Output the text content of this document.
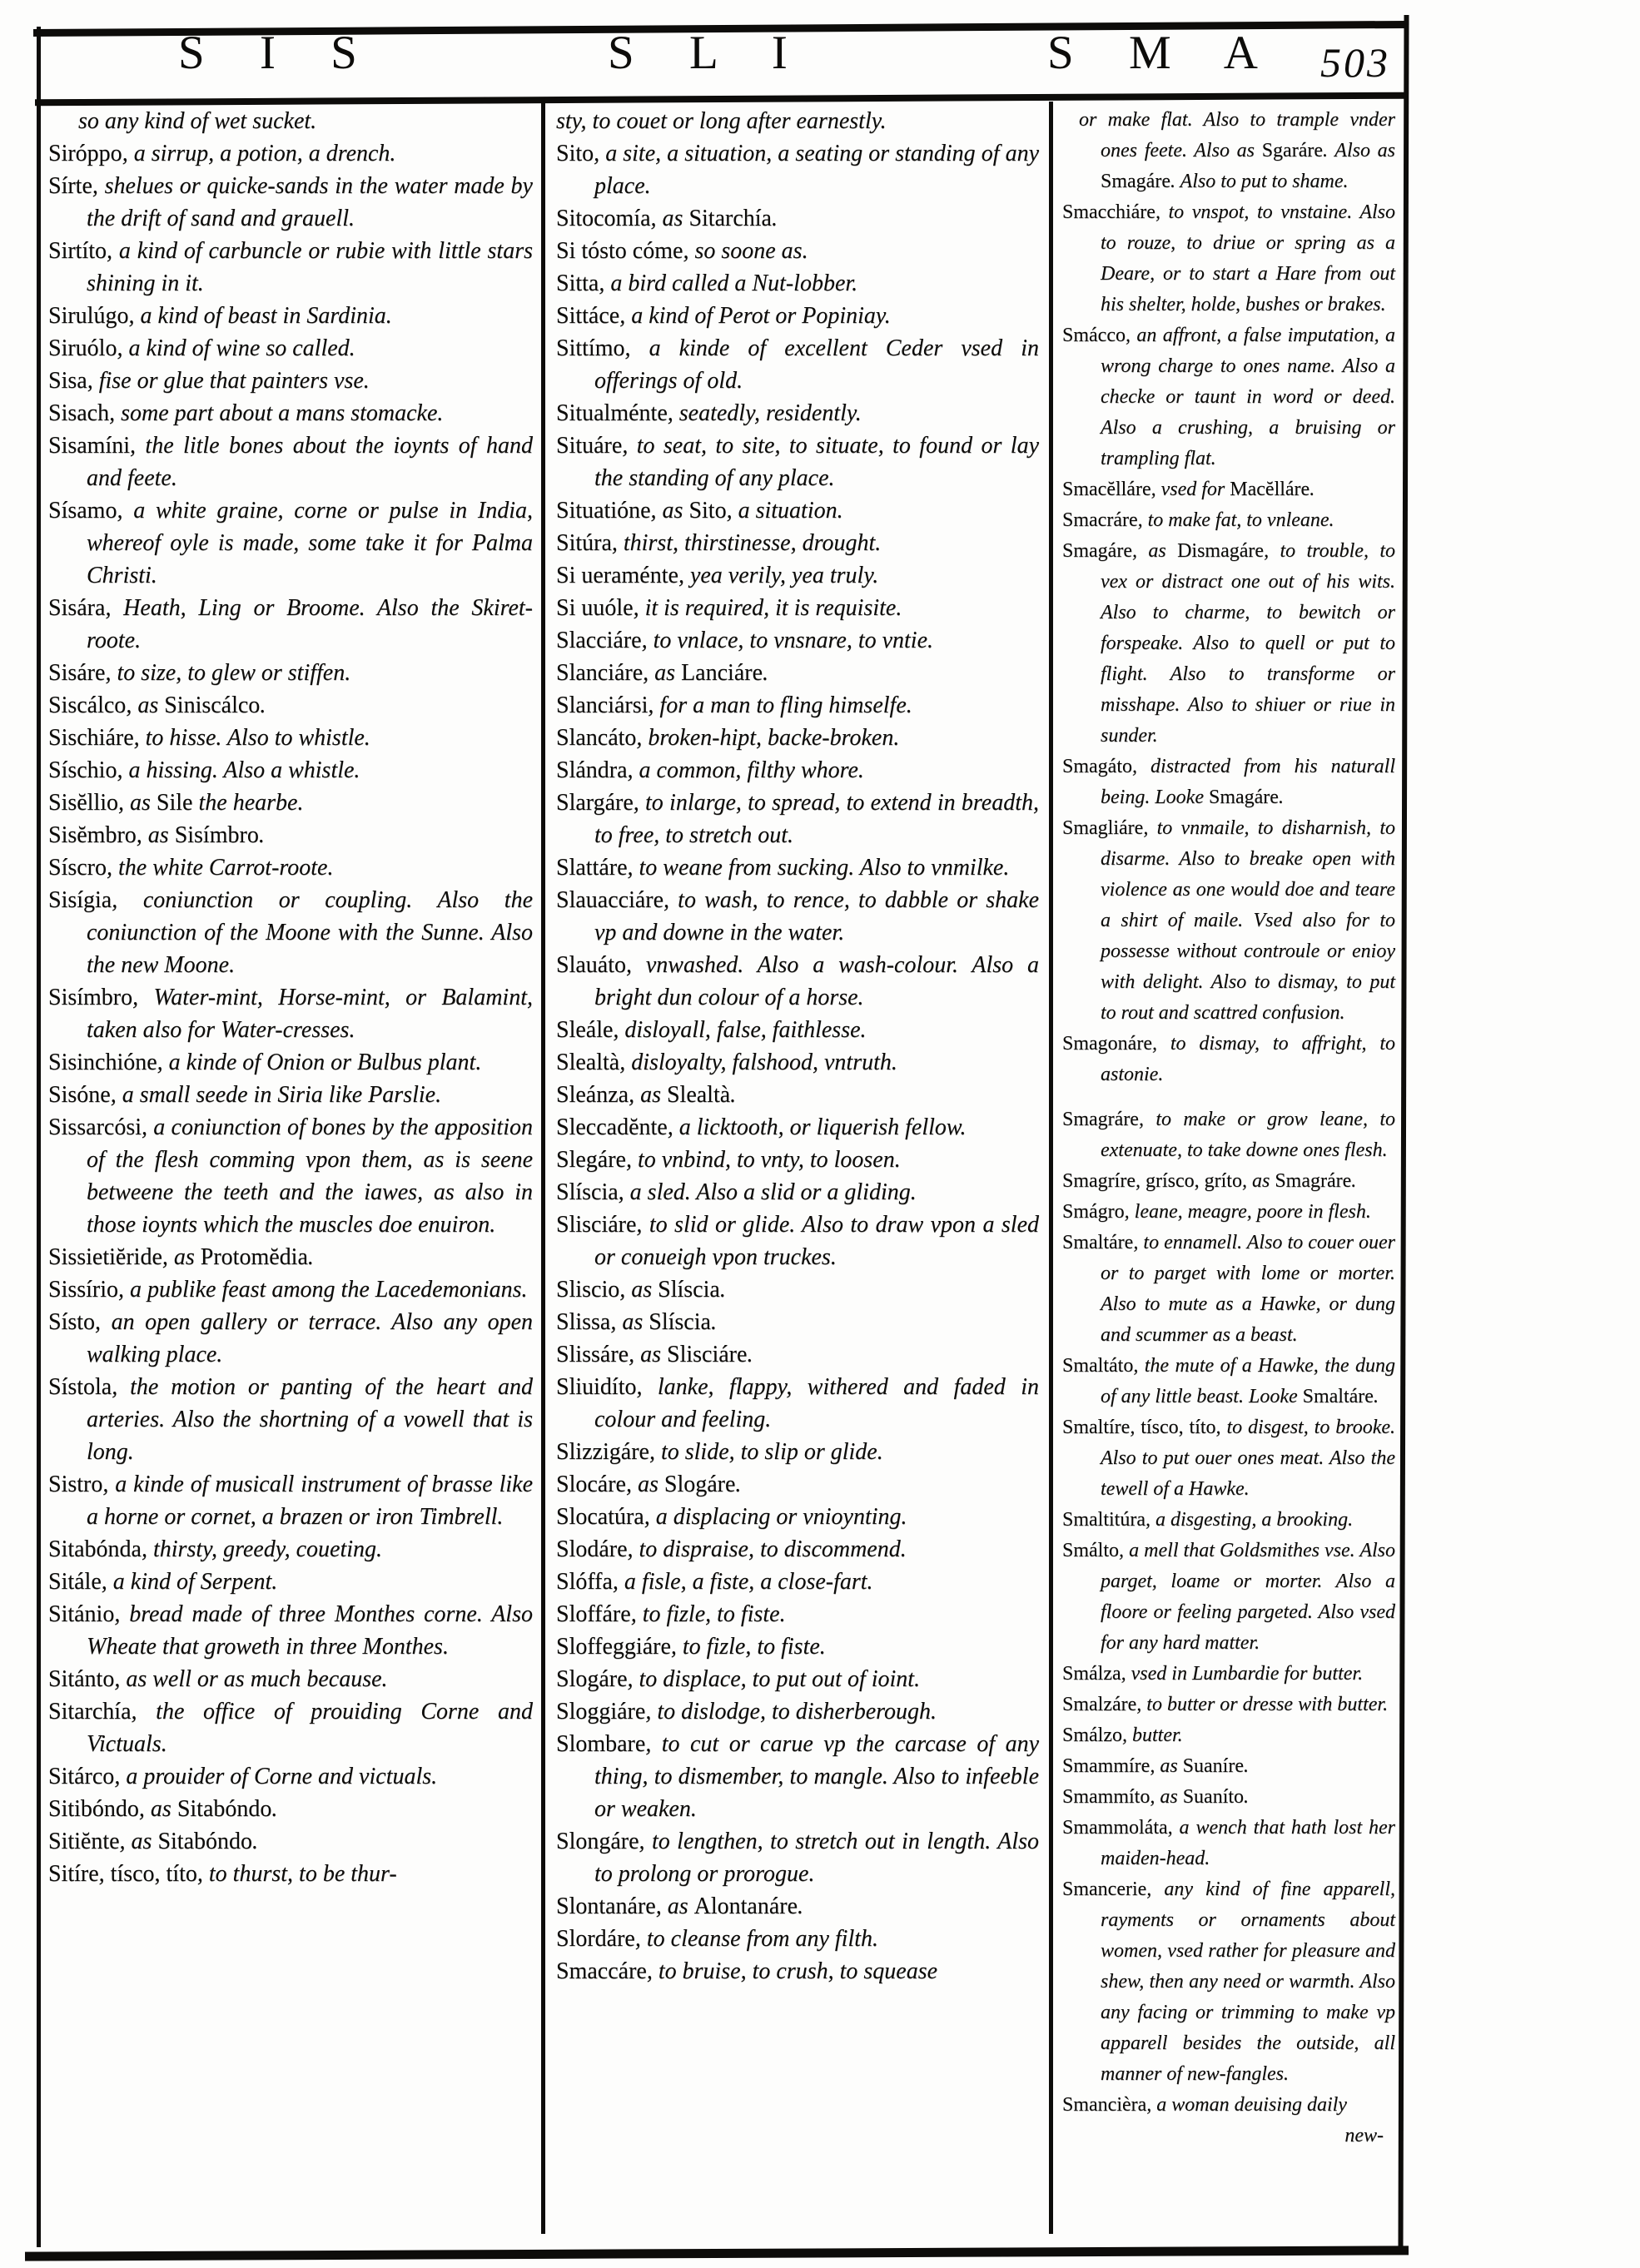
S I S	S L I	S M A 503

so any kind of wet sucket.

Siróppo, a sirrup, a potion, a drench.

Sírte, shelues or quicke-sands in the water made by the drift of sand and grauell.

Sirtíto, a kind of carbuncle or rubie with little stars shining in it.

Sirulúgo, a kind of beast in Sardinia.

Siruólo, a kind of wine so called.

Sisa, fise or glue that painters vse.

Sisach, some part about a mans stomacke.

Sisamíni, the litle bones about the ioynts of hand and feete.

Sísamo, a white graine, corne or pulse in India, whereof oyle is made, some take it for Palma Christi.

Sisára, Heath, Ling or Broome. Also the Skiret-roote.

Sisáre, to size, to glew or stiffen.

Siscálco, as Siniscálco.

Sischiáre, to hisse. Also to whistle.

Síschio, a hissing. Also a whistle.

Sisĕllio, as Sile the hearbe.

Sisĕmbro, as Sisímbro.

Síscro, the white Carrot-roote.

Sisígia, coniunction or coupling. Also the coniunction of the Moone with the Sunne. Also the new Moone.

Sisímbro, Water-mint, Horse-mint, or Balamint, taken also for Water-cresses.

Sisinchióne, a kinde of Onion or Bulbus plant.

Sisóne, a small seede in Siria like Parslie.

Sissarcósi, a coniunction of bones by the apposition of the flesh comming vpon them, as is seene betweene the teeth and the iawes, as also in those ioynts which the muscles doe enuiron.

Sissietiĕride, as Protomĕdia.

Sissírio, a publike feast among the Lacedemonians.

Sísto, an open gallery or terrace. Also any open walking place.

Sístola, the motion or panting of the heart and arteries. Also the shortning of a vowell that is long.

Sistro, a kinde of musicall instrument of brasse like a horne or cornet, a brazen or iron Timbrell.

Sitabónda, thirsty, greedy, coueting.

Sitále, a kind of Serpent.

Sitánio, bread made of three Monthes corne. Also Wheate that groweth in three Monthes.

Sitánto, as well or as much because.

Sitarchía, the office of prouiding Corne and Victuals.

Sitárco, a prouider of Corne and victuals.

Sitibóndo, as Sitabóndo.

Sitiĕnte, as Sitabóndo.

Sitíre, tísco, títo, to thurst, to be thur-

sty, to couet or long after earnestly.

Sito, a site, a situation, a seating or standing of any place.

Sitocomía, as Sitarchía.

Si tósto cóme, so soone as.

Sitta, a bird called a Nut-lobber.

Sittáce, a kind of Perot or Popiniay.

Sittímo, a kinde of excellent Ceder vsed in offerings of old.

Situalménte, seatedly, residently.

Situáre, to seat, to site, to situate, to found or lay the standing of any place.

Situatióne, as Sito, a situation.

Sitúra, thirst, thirstinesse, drought.

Si ueraménte, yea verily, yea truly.

Si uuóle, it is required, it is requisite.

Slacciáre, to vnlace, to vnsnare, to vntie.

Slanciáre, as Lanciáre.

Slanciársi, for a man to fling himselfe.

Slancáto, broken-hipt, backe-broken.

Slándra, a common, filthy whore.

Slargáre, to inlarge, to spread, to extend in breadth, to free, to stretch out.

Slattáre, to weane from sucking. Also to vnmilke.

Slauacciáre, to wash, to rence, to dabble or shake vp and downe in the water.

Slauáto, vnwashed. Also a wash-colour. Also a bright dun colour of a horse.

Sleále, disloyall, false, faithlesse.

Slealtà, disloyalty, falshood, vntruth.

Sleánza, as Slealtà.

Sleccadĕnte, a licktooth, or liquerish fellow.

Slegáre, to vnbind, to vnty, to loosen.

Slíscia, a sled. Also a slid or a gliding.

Slisciáre, to slid or glide. Also to draw vpon a sled or conueigh vpon truckes.

Sliscio, as Slíscia.

Slissa, as Slíscia.

Slissáre, as Slisciáre.

Sliuidíto, lanke, flappy, withered and faded in colour and feeling.

Slizzigáre, to slide, to slip or glide.

Slocáre, as Slogáre.

Slocatúra, a displacing or vnioynting.

Slodáre, to dispraise, to discommend.

Slóffa, a fisle, a fiste, a close-fart.

Sloffáre, to fizle, to fiste.

Sloffeggiáre, to fizle, to fiste.

Slogáre, to displace, to put out of ioint.

Sloggiáre, to dislodge, to disherberough.

Slombare, to cut or carue vp the carcase of any thing, to dismember, to mangle. Also to infeeble or weaken.

Slongáre, to lengthen, to stretch out in length. Also to prolong or prorogue.

Slontanáre, as Alontanáre.

Slordáre, to cleanse from any filth.

Smaccáre, to bruise, to crush, to squease

or make flat. Also to trample vnder ones feete. Also as Sgaráre. Also as Smagáre. Also to put to shame.

Smacchiáre, to vnspot, to vnstaine. Also to rouze, to driue or spring as a Deare, or to start a Hare from out his shelter, holde, bushes or brakes.

Smácco, an affront, a false imputation, a wrong charge to ones name. Also a checke or taunt in word or deed. Also a crushing, a bruising or trampling flat.

Smacĕlláre, vsed for Macĕlláre.

Smacráre, to make fat, to vnleane.

Smagáre, as Dismagáre, to trouble, to vex or distract one out of his wits. Also to charme, to bewitch or forspeake. Also to quell or put to flight. Also to transforme or misshape. Also to shiuer or riue in sunder.

Smagáto, distracted from his naturall being. Looke Smagáre.

Smagliáre, to vnmaile, to disharnish, to disarme. Also to breake open with violence as one would doe and teare a shirt of maile. Vsed also for to possesse without controule or enioy with delight. Also to dismay, to put to rout and scattred confusion.

Smagonáre, to dismay, to affright, to astonie.

Smagráre, to make or grow leane, to extenuate, to take downe ones flesh.

Smagríre, grísco, gríto, as Smagráre.

Smágro, leane, meagre, poore in flesh.

Smaltáre, to ennamell. Also to couer ouer or to parget with lome or morter. Also to mute as a Hawke, or dung and scummer as a beast.

Smaltáto, the mute of a Hawke, the dung of any little beast. Looke Smaltáre.

Smaltíre, tísco, títo, to disgest, to brooke. Also to put ouer ones meat. Also the tewell of a Hawke.

Smaltitúra, a disgesting, a brooking.

Smálto, a mell that Goldsmithes vse. Also parget, loame or morter. Also a floore or feeling pargeted. Also vsed for any hard matter.

Smálza, vsed in Lumbardie for butter.

Smalzáre, to butter or dresse with butter.

Smálzo, butter.

Smammíre, as Suaníre.

Smammíto, as Suaníto.

Smammoláta, a wench that hath lost her maiden-head.

Smancerie, any kind of fine apparell, rayments or ornaments about women, vsed rather for pleasure and shew, then any need or warmth. Also any facing or trimming to make vp apparell besides the outside, all manner of new-fangles.

Smancièra, a woman deuising daily

new-
